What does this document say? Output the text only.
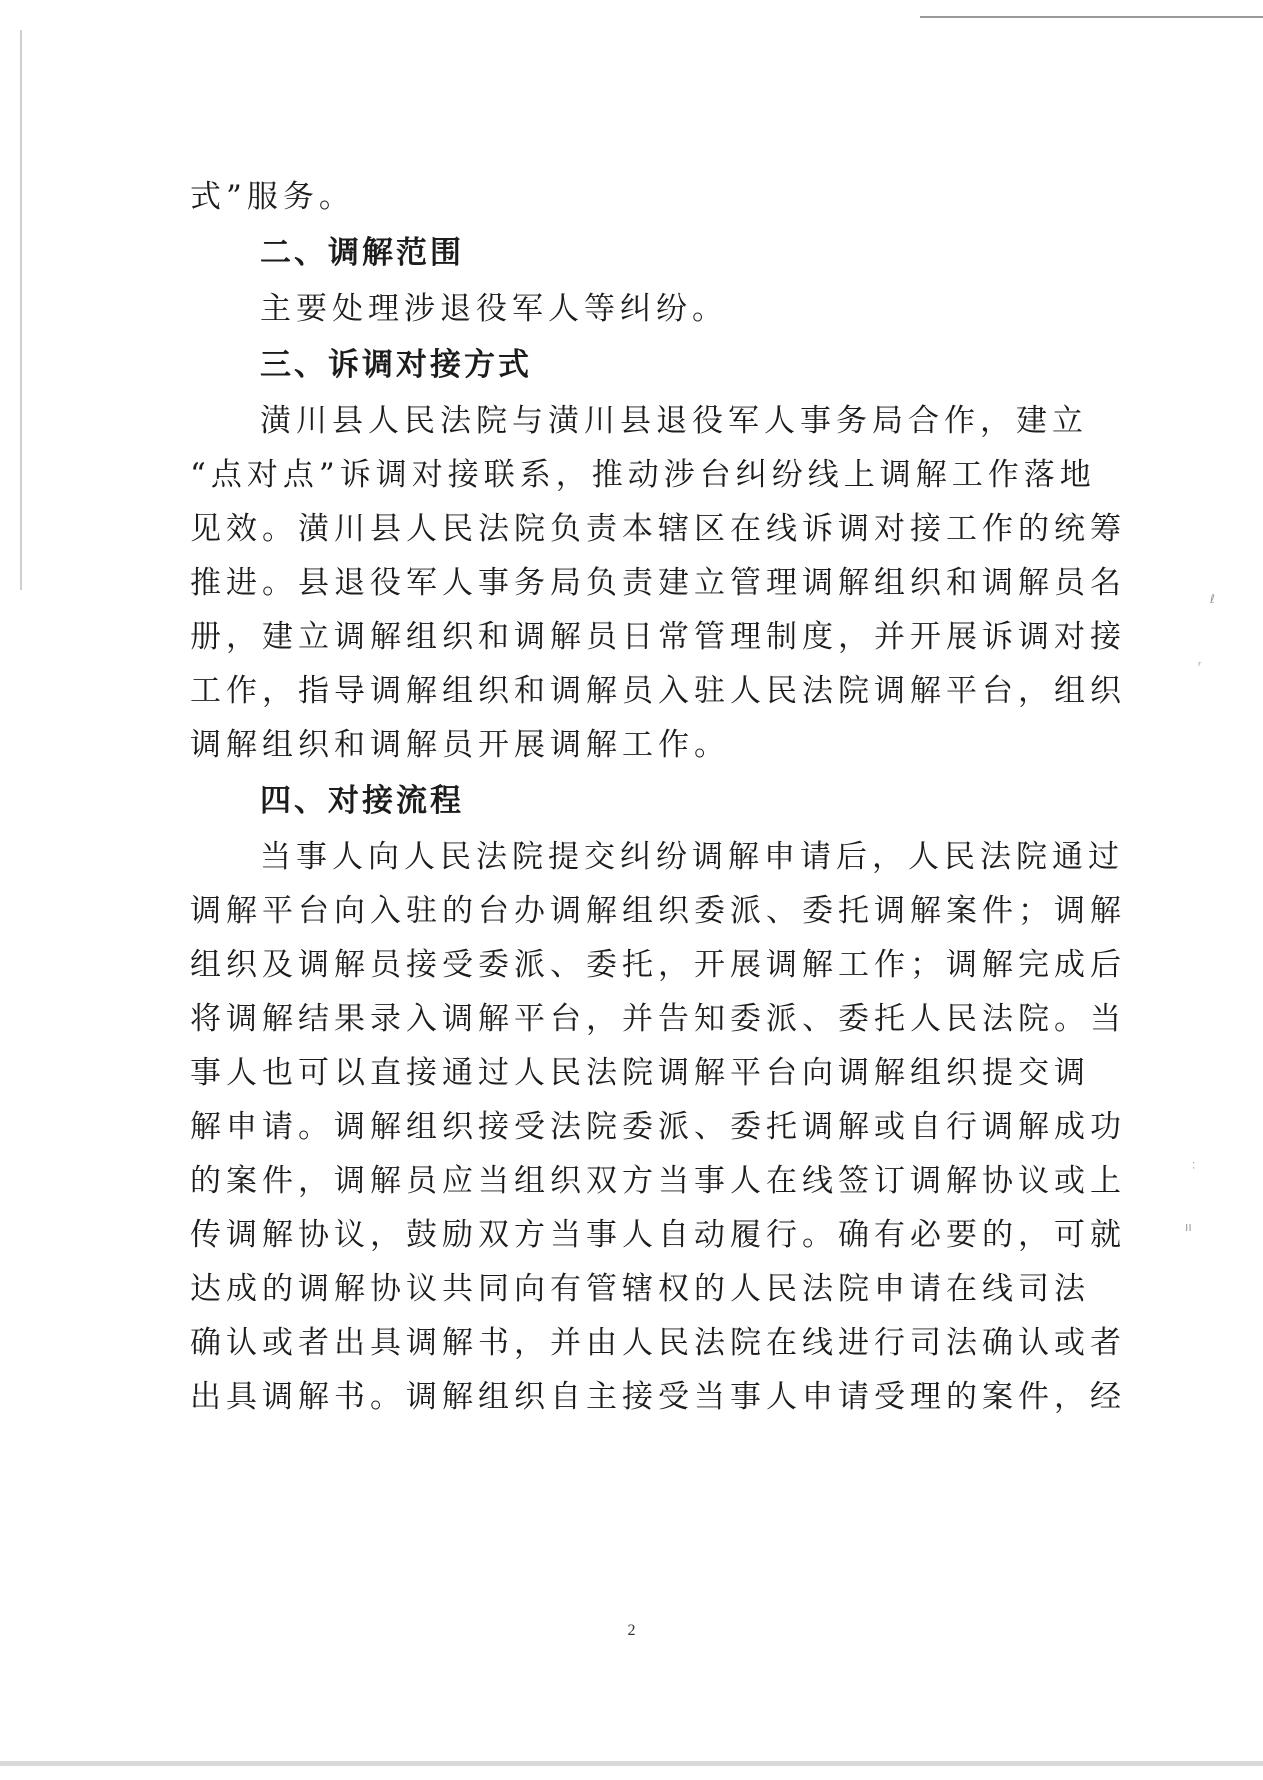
式”服务。
二、调解范围
主要处理涉退役军人等纠纷。
三、诉调对接方式
潢川县人民法院与潢川县退役军人事务局合作，建立
“点对点”诉调对接联系，推动涉台纠纷线上调解工作落地
见效。潢川县人民法院负责本辖区在线诉调对接工作的统筹
推进。县退役军人事务局负责建立管理调解组织和调解员名
册，建立调解组织和调解员日常管理制度，并开展诉调对接
工作，指导调解组织和调解员入驻人民法院调解平台，组织
调解组织和调解员开展调解工作。
四、对接流程
当事人向人民法院提交纠纷调解申请后，人民法院通过
调解平台向入驻的台办调解组织委派、委托调解案件；调解
组织及调解员接受委派、委托，开展调解工作；调解完成后
将调解结果录入调解平台，并告知委派、委托人民法院。当
事人也可以直接通过人民法院调解平台向调解组织提交调
解申请。调解组织接受法院委派、委托调解或自行调解成功
的案件，调解员应当组织双方当事人在线签订调解协议或上
传调解协议，鼓励双方当事人自动履行。确有必要的，可就
达成的调解协议共同向有管辖权的人民法院申请在线司法
确认或者出具调解书，并由人民法院在线进行司法确认或者
出具调解书。调解组织自主接受当事人申请受理的案件，经
ℓ
ᵣ
˸
ıı
2
